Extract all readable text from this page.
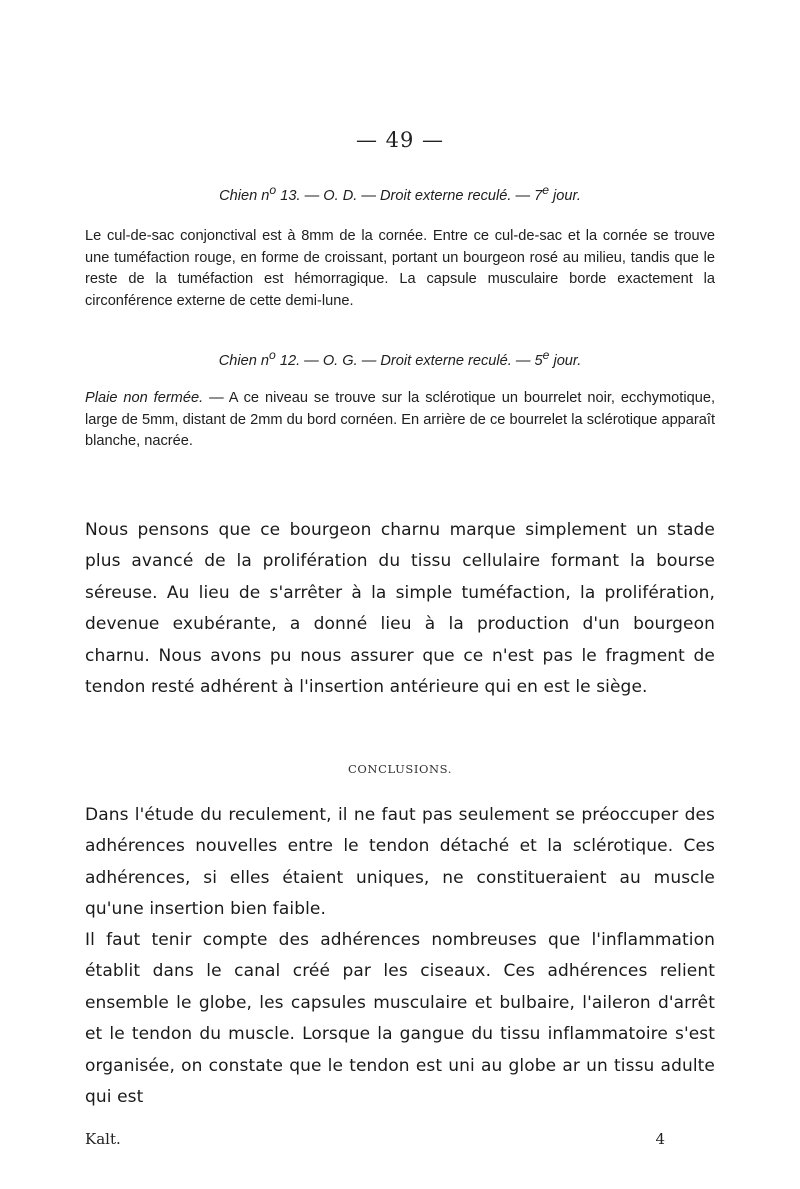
— 49 —
Chien $n^o$ 13. — O. D. — Droit externe reculé. — 7e jour.

Le cul-de-sac conjonctival est à 8mm de la cornée. Entre ce cul-de-sac et la cornée se trouve une tuméfaction rouge, en forme de croissant, portant un bourgeon rosé au milieu, tandis que le reste de la tuméfaction est hémorragique. La capsule musculaire borde exactement la circonférence externe de cette demi-lune.

Chien $n^o$ 12. — O. G. — Droit externe reculé. — 5e jour.

Plaie non fermée. — A ce niveau se trouve sur la sclérotique un bourrelet noir, ecchymotique, large de 5mm, distant de 2mm du bord cornéen. En arrière de ce bourrelet la sclérotique apparaît blanche, nacrée.

Nous pensons que ce bourgeon charnu marque simplement un stade plus avancé de la prolifération du tissu cellulaire formant la bourse séreuse. Au lieu de s'arrêter à la simple tuméfaction, la prolifération, devenue exubérante, a donné lieu à la production d'un bourgeon charnu. Nous avons pu nous assurer que ce n'est pas le fragment de tendon resté adhérent à l'insertion antérieure qui en est le siège.

CONCLUSIONS.

Dans l'étude du reculement, il ne faut pas seulement se préoccuper des adhérences nouvelles entre le tendon détaché et la sclérotique. Ces adhérences, si elles étaient uniques, ne constitueraient au muscle qu'une insertion bien faible.

Il faut tenir compte des adhérences nombreuses que l'inflammation établit dans le canal créé par les ciseaux. Ces adhérences relient ensemble le globe, les capsules musculaire et bulbaire, l'aileron d'arrêt et le tendon du muscle. Lorsque la gangue du tissu inflammatoire s'est organisée, on constate que le tendon est uni au globe ar un tissu adulte qui est

Kalt.	4
